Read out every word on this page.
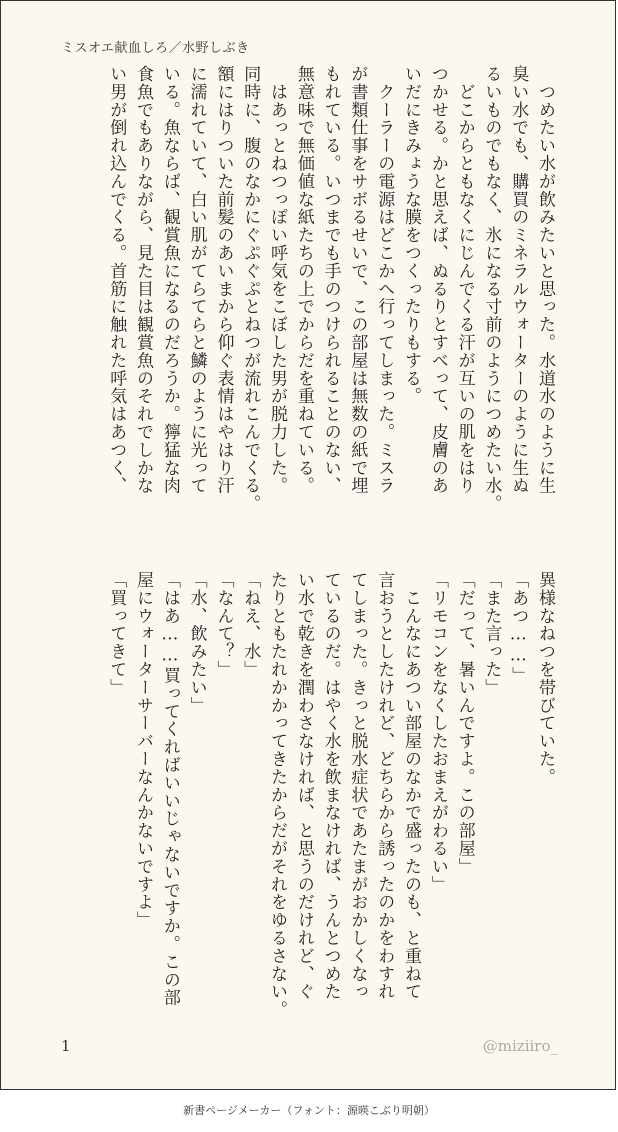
ミスオエ献血しろ／水野しぶき
　つめたい水が飲みたいと思った。水道水のように生
臭い水でも、購買のミネラルウォーターのように生ぬ
るいものでもなく、氷になる寸前のようにつめたい水。
　どこからともなくにじんでくる汗が互いの肌をはり
つかせる。かと思えば、ぬるりとすべって、皮膚のあ
いだにきみょうな膜をつくったりもする。
　クーラーの電源はどこかへ行ってしまった。ミスラ
が書類仕事をサボるせいで、この部屋は無数の紙で埋
もれている。いつまでも手のつけられることのない、
無意味で無価値な紙たちの上でからだを重ねている。
　はあっとねつっぽい呼気をこぼした男が脱力した。
同時に、腹のなかにぐぷぐぷとねつが流れこんでくる。
額にはりついた前髪のあいまから仰ぐ表情はやはり汗
に濡れていて、白い肌がてらてらと鱗のように光って
いる。魚ならば、観賞魚になるのだろうか。獰猛な肉
食魚でもありながら、見た目は観賞魚のそれでしかな
い男が倒れ込んでくる。首筋に触れた呼気はあつく、
異様なねつを帯びていた。
「あつ……」
「また言った」
「だって、暑いんですよ。この部屋」
「リモコンをなくしたおまえがわるい」
　こんなにあつい部屋のなかで盛ったのも、と重ねて
言おうとしたけれど、どちらから誘ったのかをわすれ
てしまった。きっと脱水症状であたまがおかしくなっ
ているのだ。はやく水を飲まなければ、うんとつめた
い水で乾きを潤わさなければ、と思うのだけれど、ぐ
たりともたれかかってきたからだがそれをゆるさない。
「ねえ、水」
「なんて？」
「水、飲みたい」
「はあ……買ってくればいいじゃないですか。この部
屋にウォーターサーバーなんかないですよ」
「買ってきて」
1	@miziiro_
新書ページメーカー（フォント：源暎こぶり明朝）
